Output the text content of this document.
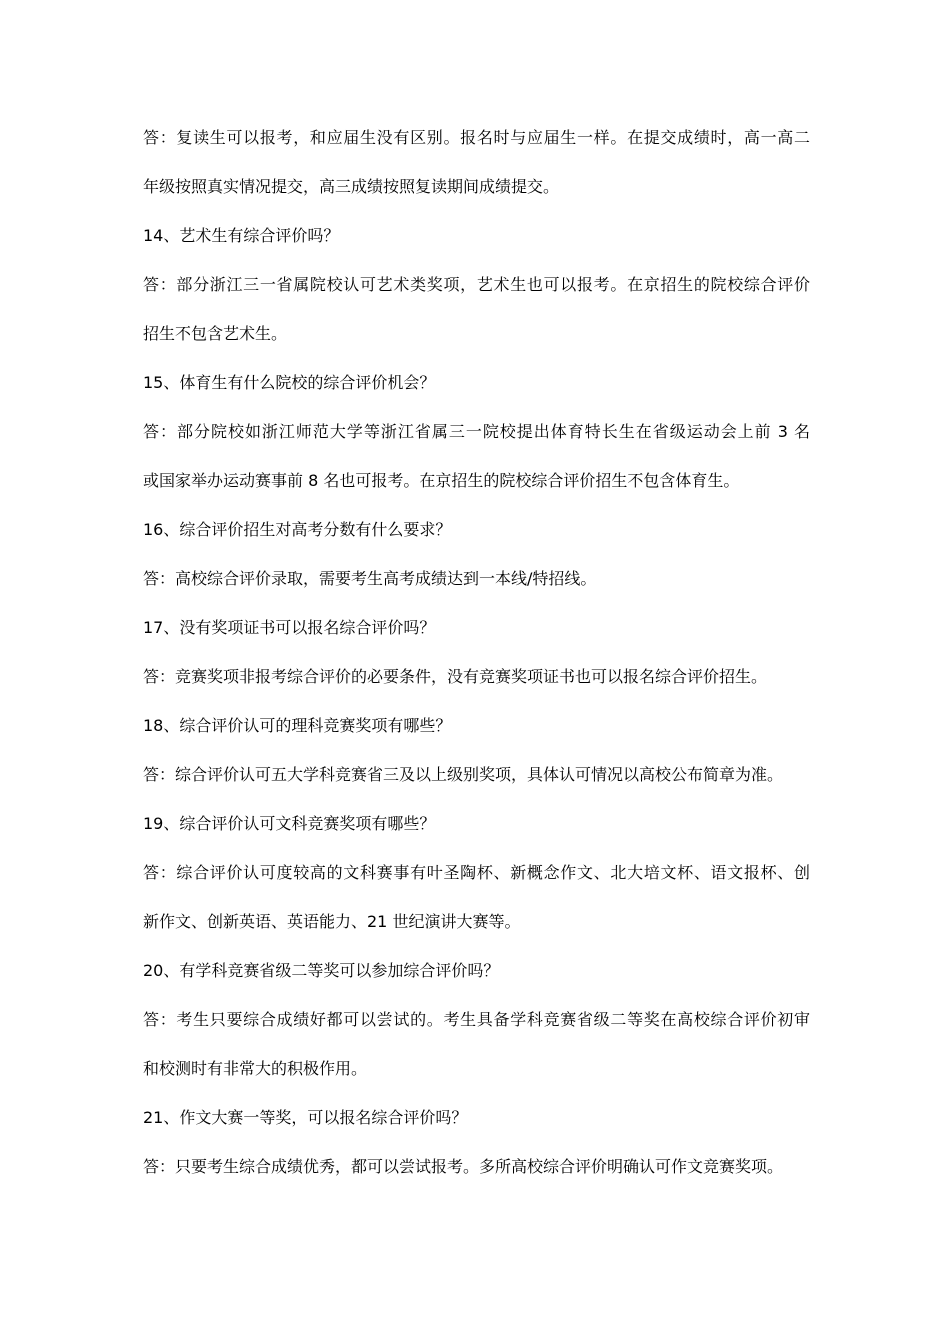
答：复读生可以报考，和应届生没有区别。报名时与应届生一样。在提交成绩时，高一高二
年级按照真实情况提交，高三成绩按照复读期间成绩提交。
14、艺术生有综合评价吗？
答：部分浙江三一省属院校认可艺术类奖项，艺术生也可以报考。在京招生的院校综合评价
招生不包含艺术生。
15、体育生有什么院校的综合评价机会？
答：部分院校如浙江师范大学等浙江省属三一院校提出体育特长生在省级运动会上前 3 名
或国家举办运动赛事前 8 名也可报考。在京招生的院校综合评价招生不包含体育生。
16、综合评价招生对高考分数有什么要求？
答：高校综合评价录取，需要考生高考成绩达到一本线/特招线。
17、没有奖项证书可以报名综合评价吗？
答：竞赛奖项非报考综合评价的必要条件，没有竞赛奖项证书也可以报名综合评价招生。
18、综合评价认可的理科竞赛奖项有哪些？
答：综合评价认可五大学科竞赛省三及以上级别奖项，具体认可情况以高校公布简章为准。
19、综合评价认可文科竞赛奖项有哪些？
答：综合评价认可度较高的文科赛事有叶圣陶杯、新概念作文、北大培文杯、语文报杯、创
新作文、创新英语、英语能力、21 世纪演讲大赛等。
20、有学科竞赛省级二等奖可以参加综合评价吗？
答：考生只要综合成绩好都可以尝试的。考生具备学科竞赛省级二等奖在高校综合评价初审
和校测时有非常大的积极作用。
21、作文大赛一等奖，可以报名综合评价吗？
答：只要考生综合成绩优秀，都可以尝试报考。多所高校综合评价明确认可作文竞赛奖项。
